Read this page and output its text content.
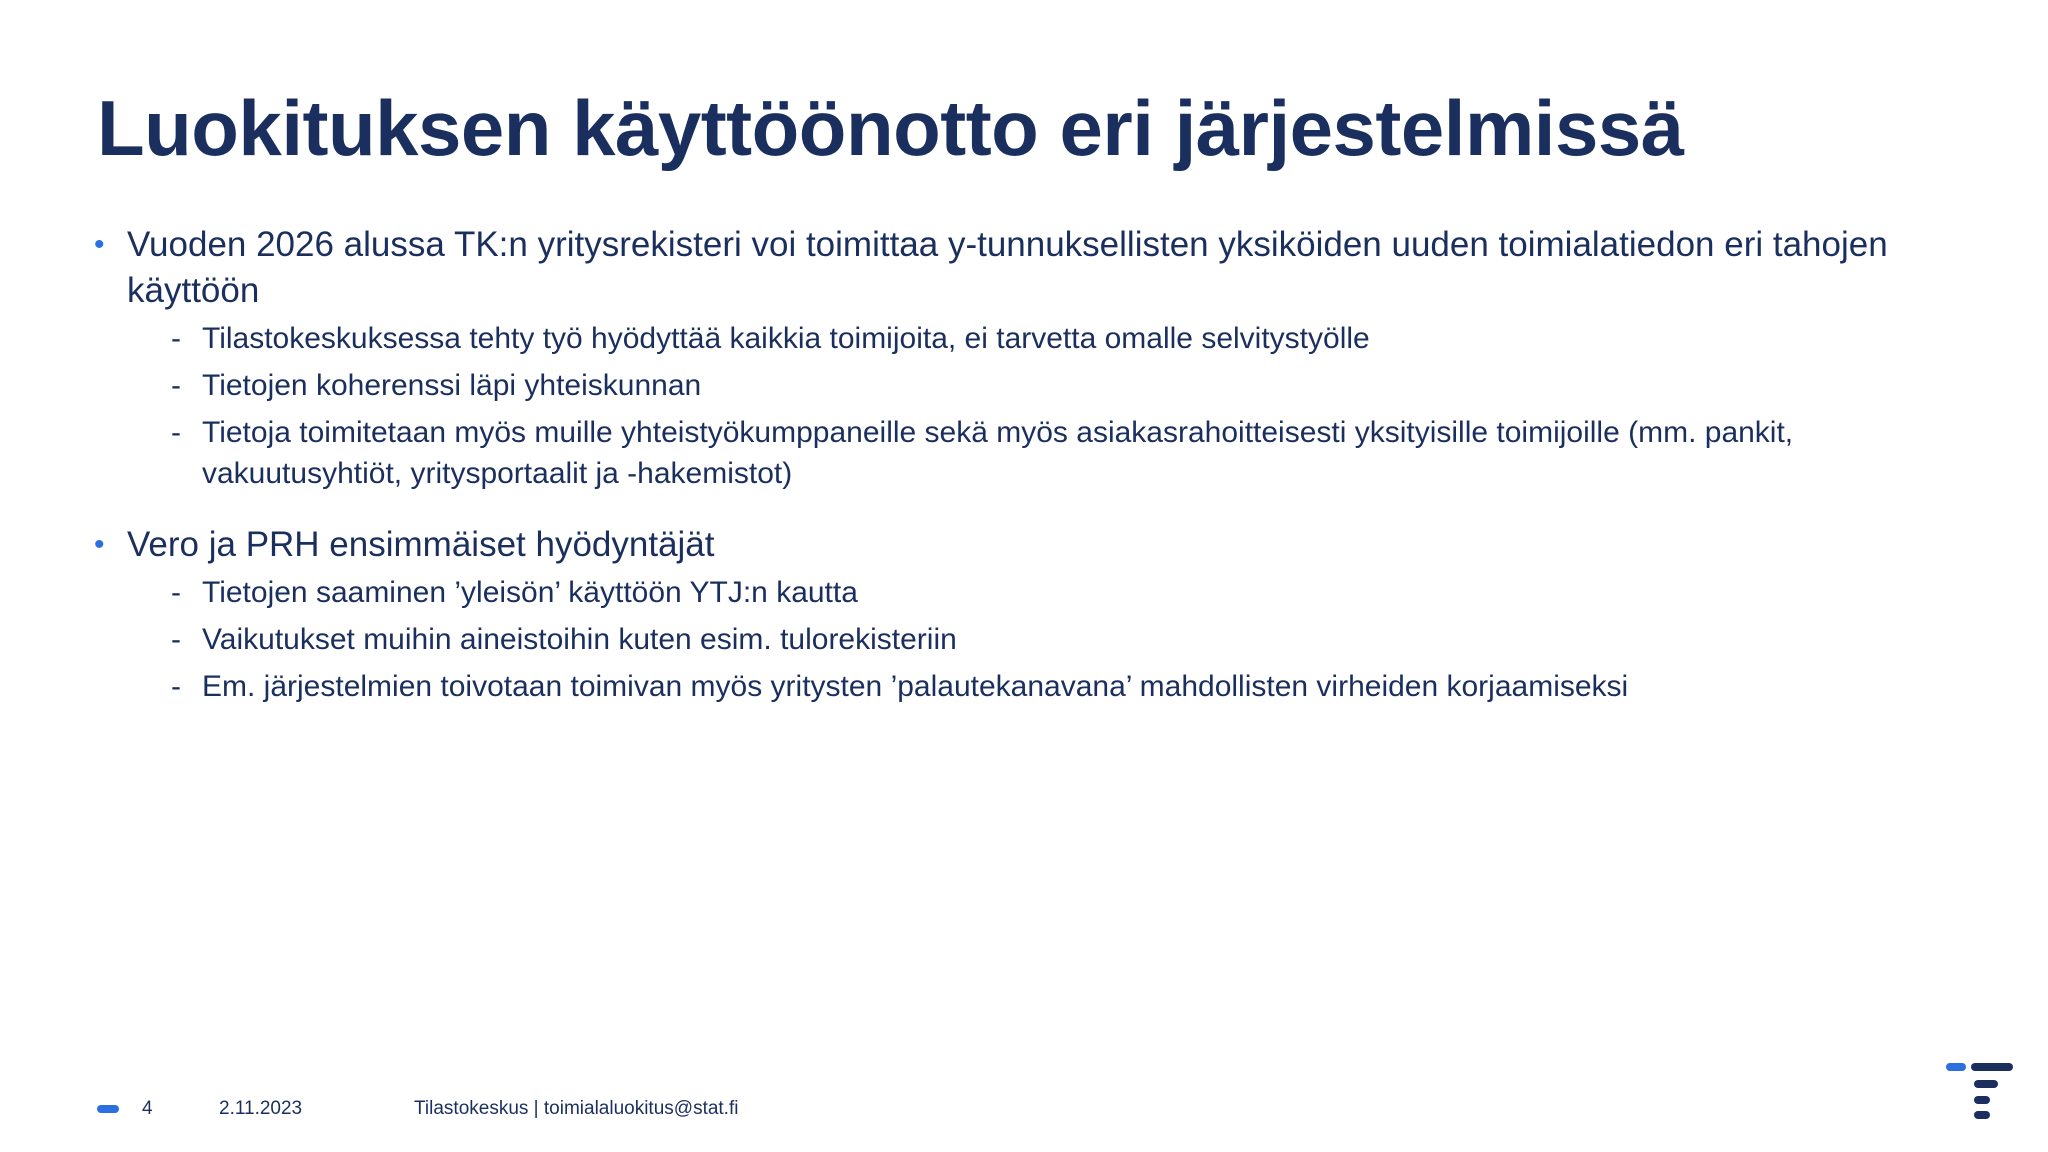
Luokituksen käyttöönotto eri järjestelmissä
• Vuoden 2026 alussa TK:n yritysrekisteri voi toimittaa y-tunnuksellisten yksiköiden uuden toimialatiedon eri tahojen käyttöön
- Tilastokeskuksessa tehty työ hyödyttää kaikkia toimijoita, ei tarvetta omalle selvitystyölle
- Tietojen koherenssi läpi yhteiskunnan
- Tietoja toimitetaan myös muille yhteistyökumppaneille sekä myös asiakasrahoitteisesti yksityisille toimijoille (mm. pankit, vakuutusyhtiöt, yritysportaalit ja -hakemistot)
• Vero ja PRH ensimmäiset hyödyntäjät
- Tietojen saaminen ’yleisön’ käyttöön YTJ:n kautta
- Vaikutukset muihin aineistoihin kuten esim. tulorekisteriin
- Em. järjestelmien toivotaan toimivan myös yritysten ’palautekanavana’ mahdollisten virheiden korjaamiseksi
4	2.11.2023	Tilastokeskus | toimialaluokitus@stat.fi
